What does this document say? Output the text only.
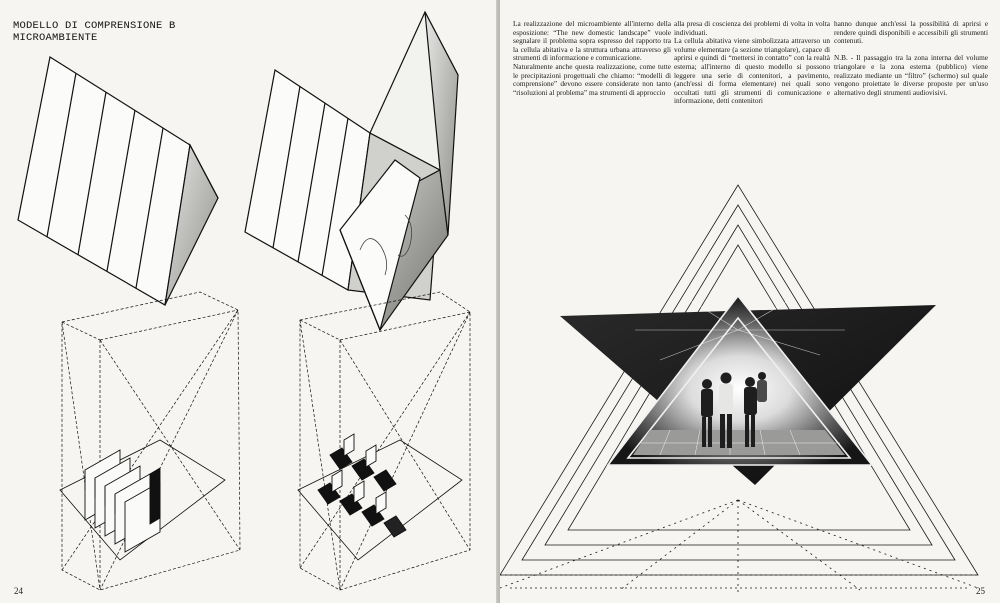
MODELLO DI COMPRENSIONE B
MICROAMBIENTE
24

La realizzazione del microambiente all'interno della esposizione: “The new domestic landscape” vuole segnalare il problema sopra espresso del rapporto tra la cellula abitativa e la struttura urbana attraverso gli strumenti di informazione e comunicazione.

Naturalmente anche questa realizzazione, come tutte le precipitazioni progettuali che chiamo: “modelli di comprensione” devono essere considerate non tanto “risoluzioni al problema” ma strumenti di approccio

alla presa di coscienza dei problemi di volta in volta individuati.

La cellula abitativa viene simbolizzata attraverso un volume elementare (a sezione triangolare), capace di aprirsi e quindi di “mettersi in contatto” con la realtà esterna; all'interno di questo modello si possono leggere una serie di contenitori, a pavimento, (anch'essi di forma elementare) nei quali sono occultati tutti gli strumenti di comunicazione e informazione, detti contenitori

hanno dunque anch'essi la possibilità di aprirsi e rendere quindi disponibili e accessibili gli strumenti contenuti.

N.B. - Il passaggio tra la zona interna del volume triangolare e la zona esterna (pubblico) viene realizzato mediante un “filtro” (schermo) sul quale vengono proiettate le diverse proposte per un'uso alternativo degli strumenti audiovisivi.

25
